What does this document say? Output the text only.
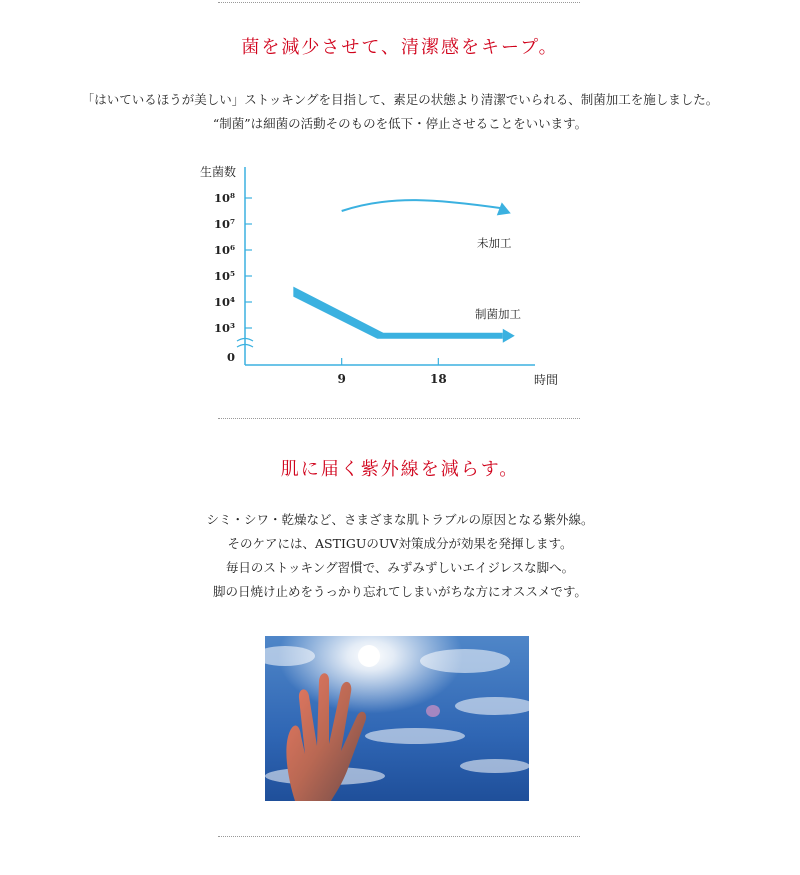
菌を減少させて、清潔感をキープ。
「はいているほうが美しい」ストッキングを目指して、素足の状態より清潔でいられる、制菌加工を施しました。
“制菌”は細菌の活動そのものを低下・停止させることをいいます。
10⁸
10⁷
10⁶
10⁵
10⁴
10³
0
9	18
生菌数
時間
未加工
制菌加工
肌に届く紫外線を減らす。
シミ・シワ・乾燥など、さまざまな肌トラブルの原因となる紫外線。
そのケアには、ASTIGUのUV対策成分が効果を発揮します。
毎日のストッキング習慣で、みずみずしいエイジレスな脚へ。
脚の日焼け止めをうっかり忘れてしまいがちな方にオススメです。
